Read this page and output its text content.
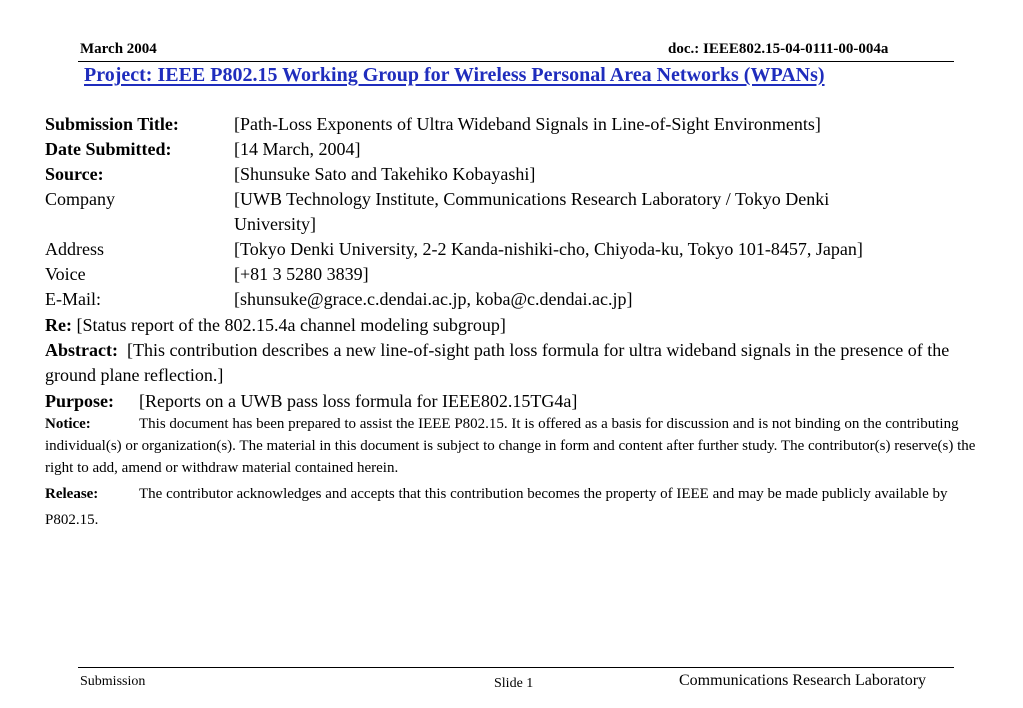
March 2004	doc.: IEEE802.15-04-0111-00-004a
Project: IEEE P802.15 Working Group for Wireless Personal Area Networks (WPANs)
Submission Title:	[Path-Loss Exponents of Ultra Wideband Signals in Line-of-Sight Environments]
Date Submitted:	[14 March, 2004]
Source:	[Shunsuke Sato and Takehiko Kobayashi]
Company	[UWB Technology Institute, Communications Research Laboratory / Tokyo Denki
University]
Address	[Tokyo Denki University, 2-2 Kanda-nishiki-cho, Chiyoda-ku, Tokyo 101-8457, Japan]
Voice	[+81 3 5280 3839]
E-Mail:	[shunsuke@grace.c.dendai.ac.jp, koba@c.dendai.ac.jp]
Re: [Status report of the 802.15.4a channel modeling subgroup]
Abstract: [This contribution describes a new line-of-sight path loss formula for ultra wideband signals in the presence of the ground plane reflection.]
Purpose: [Reports on a UWB pass loss formula for IEEE802.15TG4a]
Notice:	This document has been prepared to assist the IEEE P802.15. It is offered as a basis for discussion and is not binding on the contributing individual(s) or organization(s). The material in this document is subject to change in form and content after further study. The contributor(s) reserve(s) the right to add, amend or withdraw material contained herein.
Release:	The contributor acknowledges and accepts that this contribution becomes the property of IEEE and may be made publicly available by P802.15.
Submission	Slide 1	Communications Research Laboratory
